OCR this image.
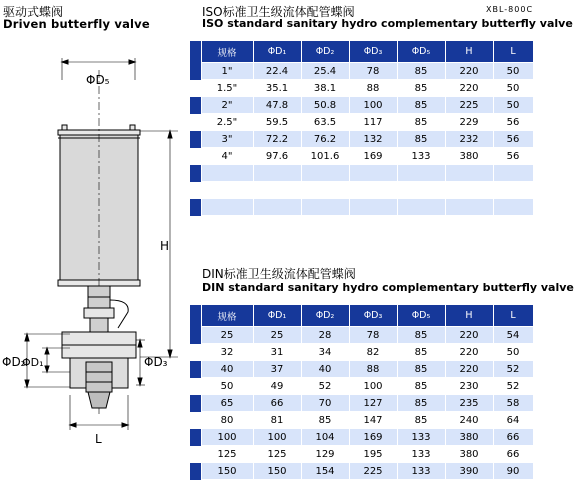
驱动式蝶阀
Driven butterfly valve
ISO标准卫生级流体配管蝶阀
ISO standard sanitary hydro complementary butterfly valve
XBL-800C
DIN标准卫生级流体配管蝶阀
DIN standard sanitary hydro complementary butterfly valve
ΦD₅
H
ΦD₂
ΦD₁	ΦD₃
L
	规格	ΦD₁	ΦD₂	ΦD₃	ΦD₅	H	L
	1"	22.4	25.4	78	85	220	50
	1.5"	35.1	38.1	88	85	220	50
	2"	47.8	50.8	100	85	225	50
	2.5"	59.5	63.5	117	85	229	56
	3"	72.2	76.2	132	85	232	56
	4"	97.6	101.6	169	133	380	56

	规格	ΦD₁	ΦD₂	ΦD₃	ΦD₅	H	L
	25	25	28	78	85	220	54
	32	31	34	82	85	220	50
	40	37	40	88	85	220	52
	50	49	52	100	85	230	52
	65	66	70	127	85	235	58
	80	81	85	147	85	240	64
	100	100	104	169	133	380	66
	125	125	129	195	133	380	66
	150	150	154	225	133	390	90
